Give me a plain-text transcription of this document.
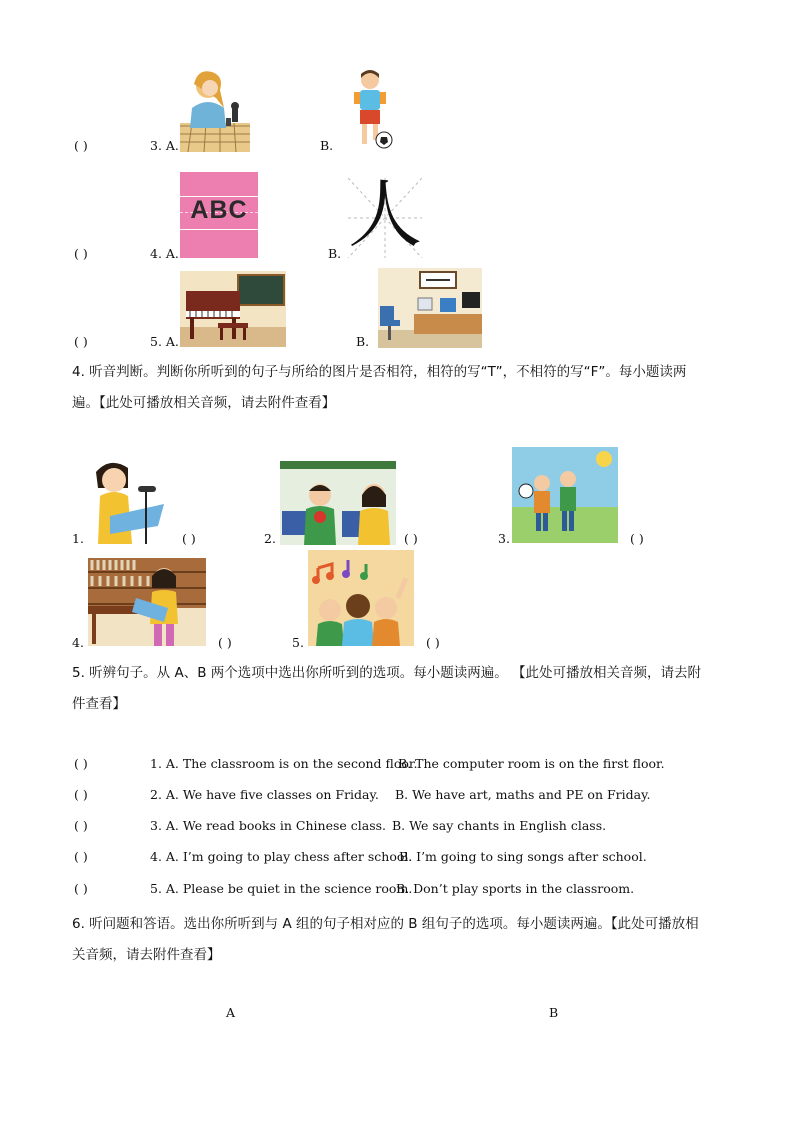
( )	3. A.	B.
ABC 人
( )	4. A.	B.
( )	5. A.	B.
4. 听音判断。判断你所听到的句子与所给的图片是否相符，相符的写“T”，不相符的写“F”。每小题读两
遍。【此处可播放相关音频，请去附件查看】
1.	( )	2.	( )	3.	( )
4.	( )	5.	( )
5. 听辨句子。从 A、B 两个选项中选出你所听到的选项。每小题读两遍。 【此处可播放相关音频，请去附
件查看】
( )	1. A. The classroom is on the second floor.
B. The computer room is on the first floor.
( )	2. A. We have five classes on Friday. B. We have art, maths and PE on Friday.
( )	3. A. We read books in Chinese class. B. We say chants in English class.
( )	4. A. I’m going to play chess after school.
B. I’m going to sing songs after school.
( )	5. A. Please be quiet in the science room.
B. Don’t play sports in the classroom.
6. 听问题和答语。选出你所听到与 A 组的句子相对应的 B 组句子的选项。每小题读两遍。【此处可播放相
关音频，请去附件查看】
A	B
